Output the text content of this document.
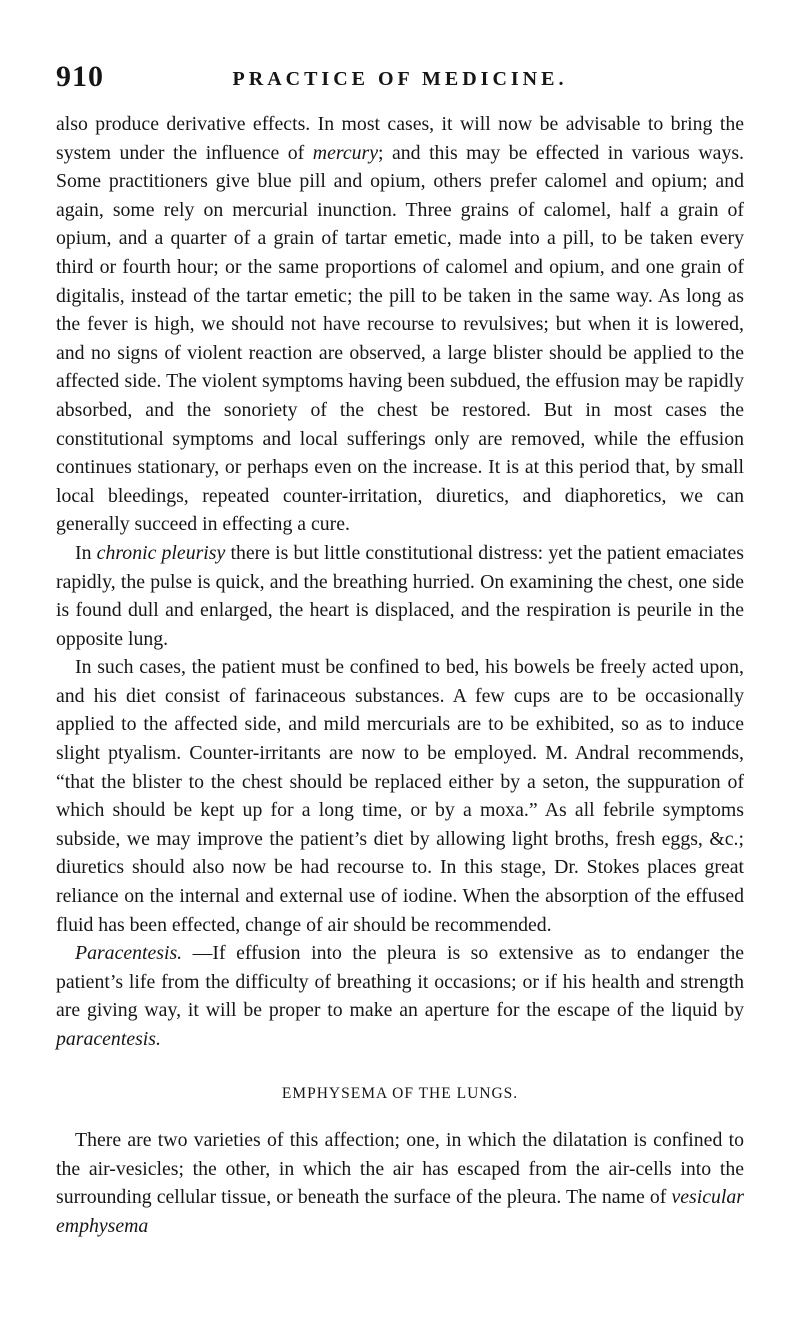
910	PRACTICE OF MEDICINE.

also produce derivative effects. In most cases, it will now be advisable to bring the system under the influence of mercury; and this may be effected in various ways. Some practitioners give blue pill and opium, others prefer calomel and opium; and again, some rely on mercurial inunction. Three grains of calomel, half a grain of opium, and a quarter of a grain of tartar emetic, made into a pill, to be taken every third or fourth hour; or the same proportions of calomel and opium, and one grain of digitalis, instead of the tartar emetic; the pill to be taken in the same way. As long as the fever is high, we should not have recourse to revulsives; but when it is lowered, and no signs of violent reaction are observed, a large blister should be applied to the affected side. The violent symptoms having been subdued, the effusion may be rapidly absorbed, and the sonoriety of the chest be restored. But in most cases the constitutional symptoms and local sufferings only are removed, while the effusion continues stationary, or perhaps even on the increase. It is at this period that, by small local bleedings, repeated counter-irritation, diuretics, and diaphoretics, we can generally succeed in effecting a cure.

In chronic pleurisy there is but little constitutional distress: yet the patient emaciates rapidly, the pulse is quick, and the breathing hurried. On examining the chest, one side is found dull and enlarged, the heart is displaced, and the respiration is peurile in the opposite lung.

In such cases, the patient must be confined to bed, his bowels be freely acted upon, and his diet consist of farinaceous substances. A few cups are to be occasionally applied to the affected side, and mild mercurials are to be exhibited, so as to induce slight ptyalism. Counter-irritants are now to be employed. M. Andral recommends, “that the blister to the chest should be replaced either by a seton, the suppuration of which should be kept up for a long time, or by a moxa.” As all febrile symptoms subside, we may improve the patient’s diet by allowing light broths, fresh eggs, &c.; diuretics should also now be had recourse to. In this stage, Dr. Stokes places great reliance on the internal and external use of iodine. When the absorption of the effused fluid has been effected, change of air should be recommended.

Paracentesis. —If effusion into the pleura is so extensive as to endanger the patient’s life from the difficulty of breathing it occasions; or if his health and strength are giving way, it will be proper to make an aperture for the escape of the liquid by paracentesis.

EMPHYSEMA OF THE LUNGS.

There are two varieties of this affection; one, in which the dilatation is confined to the air-vesicles; the other, in which the air has escaped from the air-cells into the surrounding cellular tissue, or beneath the surface of the pleura. The name of vesicular emphysema
